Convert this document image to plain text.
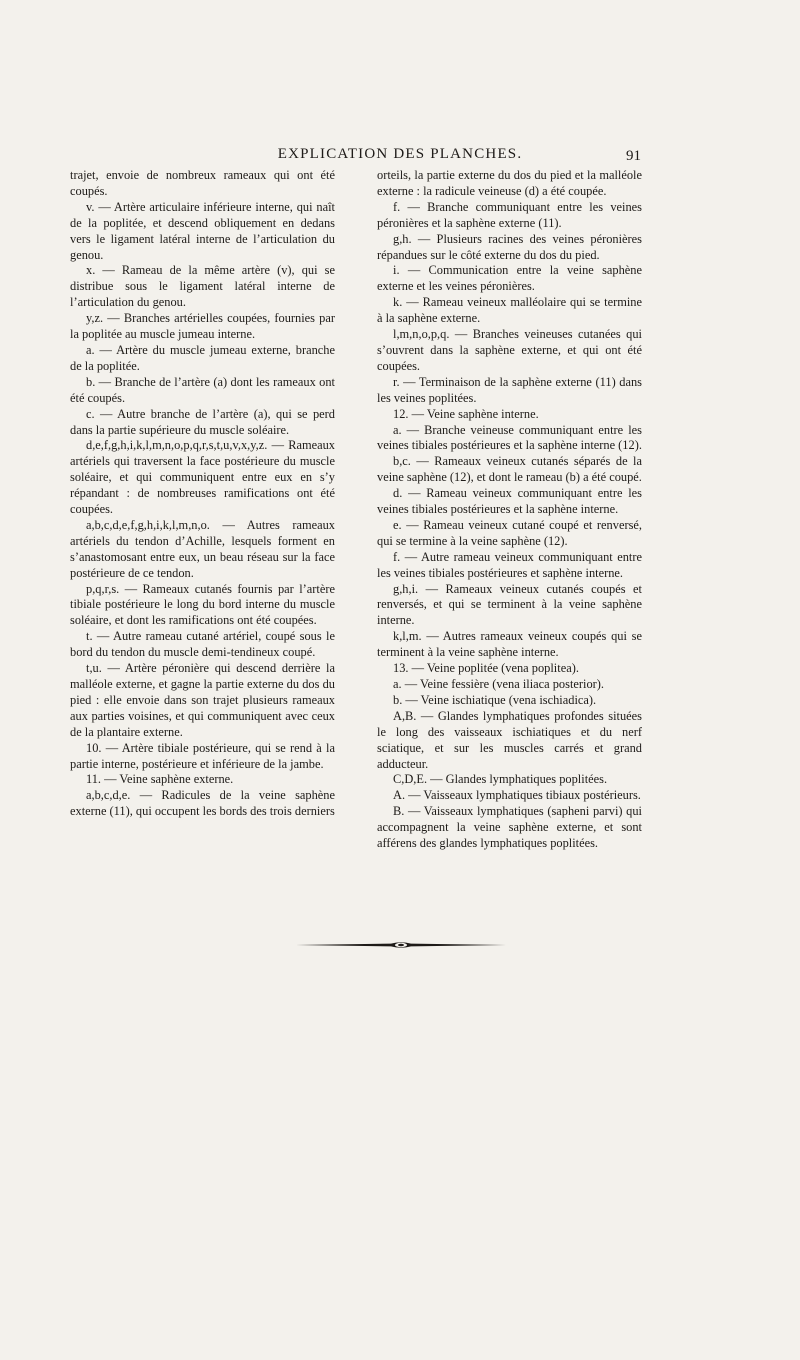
EXPLICATION DES PLANCHES.	91

trajet, envoie de nombreux rameaux qui ont été coupés.

v. — Artère articulaire inférieure interne, qui naît de la poplitée, et descend obliquement en dedans vers le ligament latéral interne de l’articulation du genou.

x. — Rameau de la même artère (v), qui se distribue sous le ligament latéral interne de l’articulation du genou.

y,z. — Branches artérielles coupées, fournies par la poplitée au muscle jumeau interne.

a. — Artère du muscle jumeau externe, branche de la poplitée.

b. — Branche de l’artère (a) dont les rameaux ont été coupés.

c. — Autre branche de l’artère (a), qui se perd dans la partie supérieure du muscle soléaire.

d,e,f,g,h,i,k,l,m,n,o,p,q,r,s,t,u,v,x,y,z. — Rameaux artériels qui traversent la face postérieure du muscle soléaire, et qui communiquent entre eux en s’y répandant : de nombreuses ramifications ont été coupées.

a,b,c,d,e,f,g,h,i,k,l,m,n,o. — Autres rameaux artériels du tendon d’Achille, lesquels forment en s’anastomosant entre eux, un beau réseau sur la face postérieure de ce tendon.

p,q,r,s. — Rameaux cutanés fournis par l’artère tibiale postérieure le long du bord interne du muscle soléaire, et dont les ramifications ont été coupées.

t. — Autre rameau cutané artériel, coupé sous le bord du tendon du muscle demi-tendineux coupé.

t,u. — Artère péronière qui descend derrière la malléole externe, et gagne la partie externe du dos du pied : elle envoie dans son trajet plusieurs rameaux aux parties voisines, et qui communiquent avec ceux de la plantaire externe.

10. — Artère tibiale postérieure, qui se rend à la partie interne, postérieure et inférieure de la jambe.

11. — Veine saphène externe.

a,b,c,d,e. — Radicules de la veine saphène externe (11), qui occupent les bords des trois derniers

orteils, la partie externe du dos du pied et la malléole externe : la radicule veineuse (d) a été coupée.

f. — Branche communiquant entre les veines péronières et la saphène externe (11).

g,h. — Plusieurs racines des veines péronières répandues sur le côté externe du dos du pied.

i. — Communication entre la veine saphène externe et les veines péronières.

k. — Rameau veineux malléolaire qui se termine à la saphène externe.

l,m,n,o,p,q. — Branches veineuses cutanées qui s’ouvrent dans la saphène externe, et qui ont été coupées.

r. — Terminaison de la saphène externe (11) dans les veines poplitées.

12. — Veine saphène interne.

a. — Branche veineuse communiquant entre les veines tibiales postérieures et la saphène interne (12).

b,c. — Rameaux veineux cutanés séparés de la veine saphène (12), et dont le rameau (b) a été coupé.

d. — Rameau veineux communiquant entre les veines tibiales postérieures et la saphène interne.

e. — Rameau veineux cutané coupé et renversé, qui se termine à la veine saphène (12).

f. — Autre rameau veineux communiquant entre les veines tibiales postérieures et saphène interne.

g,h,i. — Rameaux veineux cutanés coupés et renversés, et qui se terminent à la veine saphène interne.

k,l,m. — Autres rameaux veineux coupés qui se terminent à la veine saphène interne.

13. — Veine poplitée (vena poplitea).

a. — Veine fessière (vena iliaca posterior).

b. — Veine ischiatique (vena ischiadica).

A,B. — Glandes lymphatiques profondes situées le long des vaisseaux ischiatiques et du nerf sciatique, et sur les muscles carrés et grand adducteur.

C,D,E. — Glandes lymphatiques poplitées.

A. — Vaisseaux lymphatiques tibiaux postérieurs.

B. — Vaisseaux lymphatiques (sapheni parvi) qui accompagnent la veine saphène externe, et sont afférens des glandes lymphatiques poplitées.
